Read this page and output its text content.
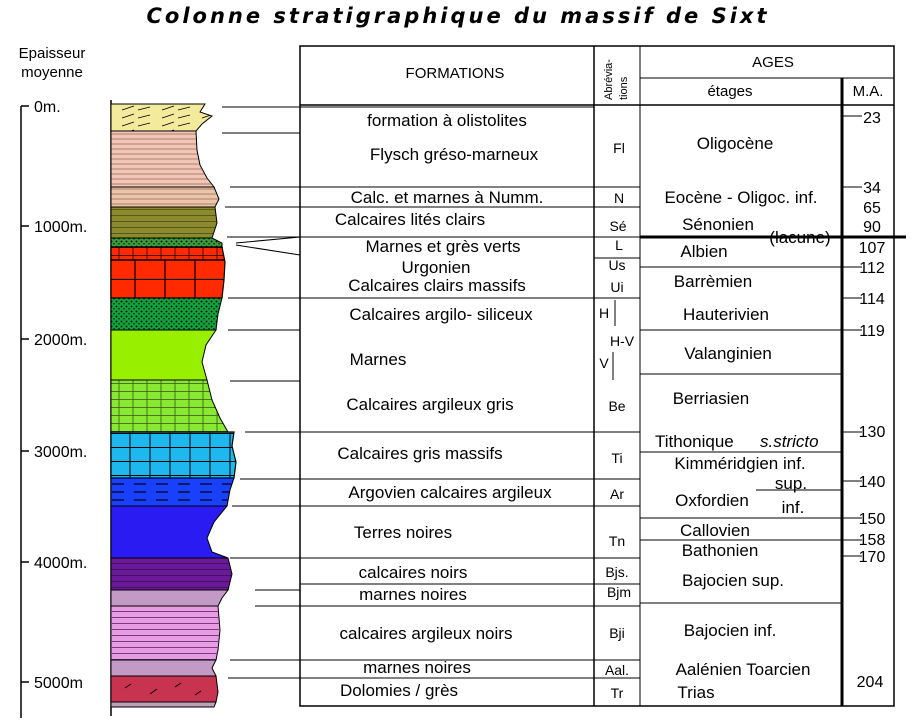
Colonne stratigraphique du massif de Sixt
Epaisseur
moyenne
0m.
1000m.
2000m.
3000m.
4000m.
5000m
FORMATIONS	Abrévia- tions
AGES
étages	M.A.
formation à olistolites
Flysch gréso-marneux
Calc. et marnes à Numm.
Calcaires lités clairs
Marnes et grès verts
Urgonien
Calcaires clairs massifs
Calcaires argilo- siliceux
Marnes
Calcaires argileux gris
Calcaires gris massifs
Argovien calcaires argileux
Terres noires
calcaires noirs
marnes noires
calcaires argileux noirs
marnes noires
Dolomies / grès
Fl
N
Sé
L
Us
Ui
H
H-V
V
Be
Ti
Ar
Tn
Bjs.
Bjm
Bji
Aal.
Tr
Oligocène
Eocène - Oligoc. inf.
Sénonien
(lacune)
Albien
Barrèmien
Hauterivien
Valanginien
Berriasien
Tithonique s.stricto
Kimméridgien inf.
Oxfordien
sup.
inf.
Callovien
Bathonien
Bajocien sup.
Bajocien inf.
Aalénien Toarcien
Trias
23
34
65
90
107
112
114
119
130
140
150
158
170
204
